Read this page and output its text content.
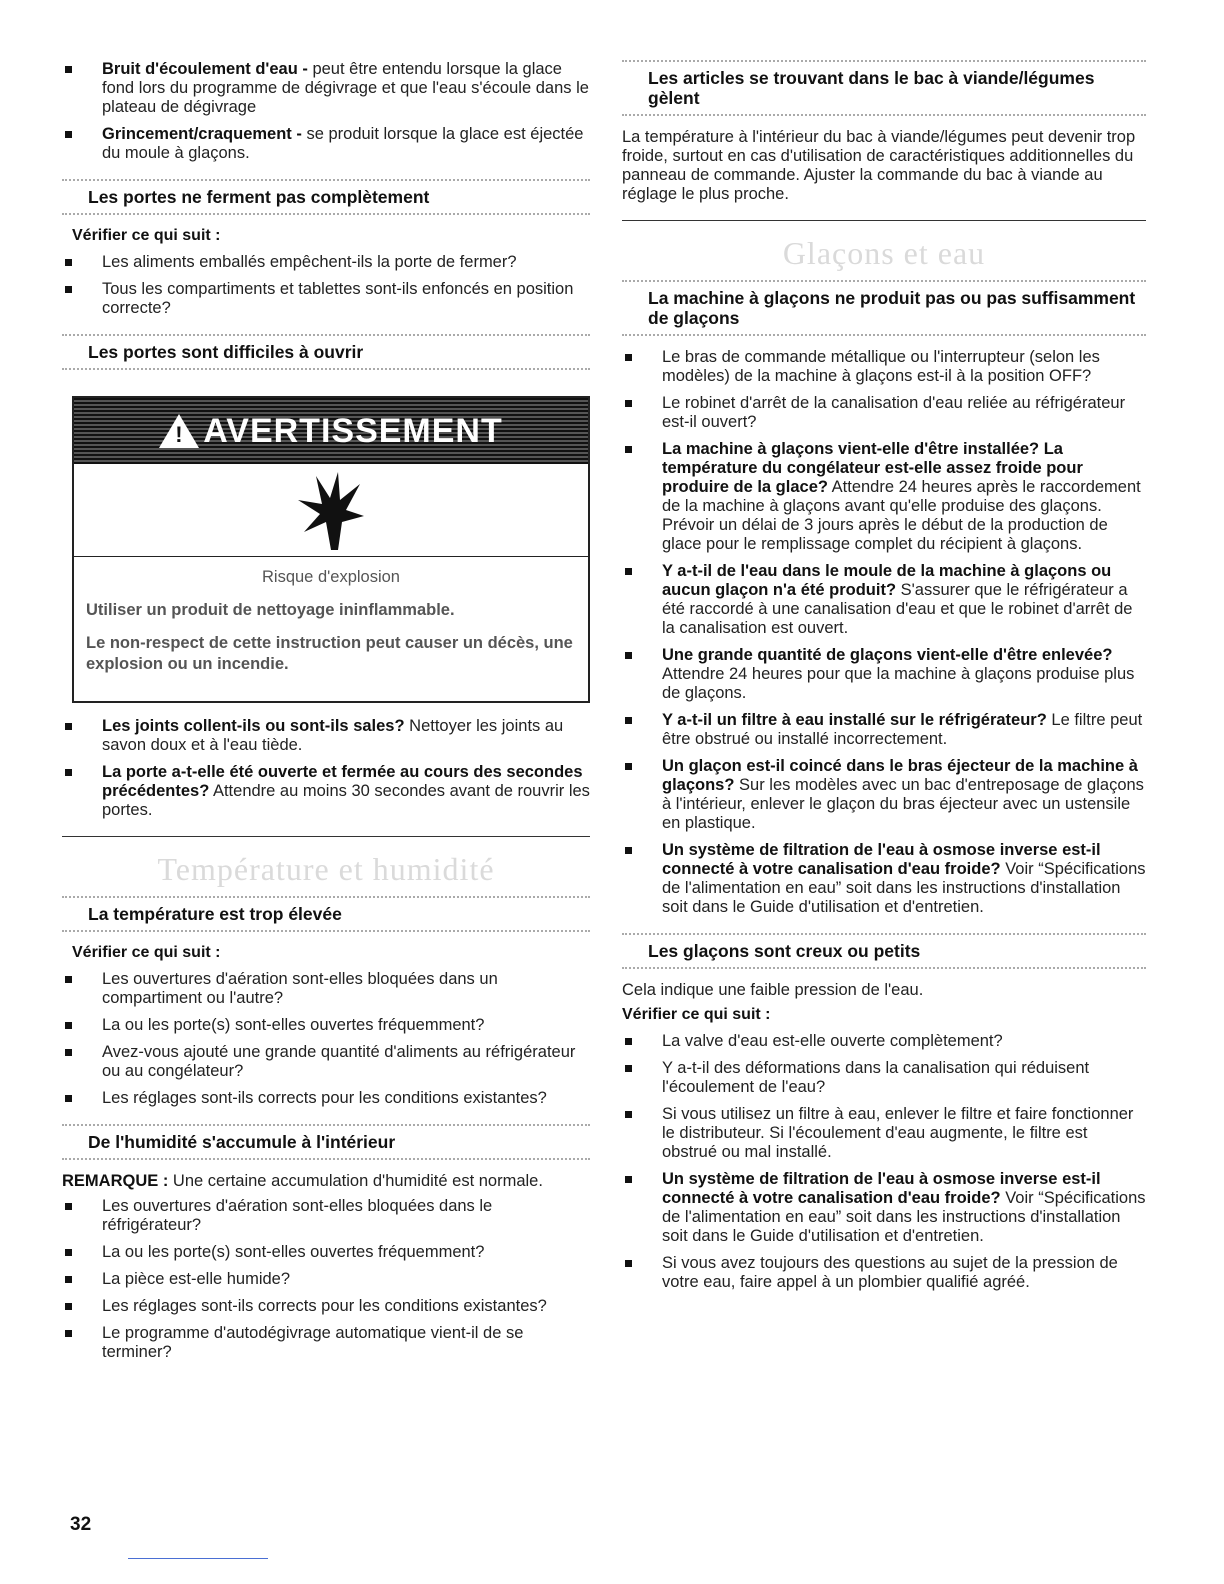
Bruit d'écoulement d'eau - peut être entendu lorsque la glace fond lors du programme de dégivrage et que l'eau s'écoule dans le plateau de dégivrage
Grincement/craquement - se produit lorsque la glace est éjectée du moule à glaçons.
Les portes ne ferment pas complètement
Vérifier ce qui suit :
Les aliments emballés empêchent-ils la porte de fermer?
Tous les compartiments et tablettes sont-ils enfoncés en position correcte?
Les portes sont difficiles à ouvrir
! AVERTISSEMENT

Risque d'explosion

Utiliser un produit de nettoyage ininflammable.

Le non-respect de cette instruction peut causer un décès, une explosion ou un incendie.

Les joints collent-ils ou sont-ils sales? Nettoyer les joints au savon doux et à l'eau tiède.
La porte a-t-elle été ouverte et fermée au cours des secondes précédentes? Attendre au moins 30 secondes avant de rouvrir les portes.
Température et humidité
La température est trop élevée
Vérifier ce qui suit :
Les ouvertures d'aération sont-elles bloquées dans un compartiment ou l'autre?
La ou les porte(s) sont-elles ouvertes fréquemment?
Avez-vous ajouté une grande quantité d'aliments au réfrigérateur ou au congélateur?
Les réglages sont-ils corrects pour les conditions existantes?
De l'humidité s'accumule à l'intérieur

REMARQUE : Une certaine accumulation d'humidité est normale.

Les ouvertures d'aération sont-elles bloquées dans le réfrigérateur?
La ou les porte(s) sont-elles ouvertes fréquemment?
La pièce est-elle humide?
Les réglages sont-ils corrects pour les conditions existantes?
Le programme d'autodégivrage automatique vient-il de se terminer?
Les articles se trouvant dans le bac à viande/légumes gèlent

La température à l'intérieur du bac à viande/légumes peut devenir trop froide, surtout en cas d'utilisation de caractéristiques additionnelles du panneau de commande. Ajuster la commande du bac à viande au réglage le plus proche.

Glaçons et eau
La machine à glaçons ne produit pas ou pas suffisamment de glaçons
Le bras de commande métallique ou l'interrupteur (selon les modèles) de la machine à glaçons est-il à la position OFF?
Le robinet d'arrêt de la canalisation d'eau reliée au réfrigérateur est-il ouvert?
La machine à glaçons vient-elle d'être installée? La température du congélateur est-elle assez froide pour produire de la glace? Attendre 24 heures après le raccordement de la machine à glaçons avant qu'elle produise des glaçons. Prévoir un délai de 3 jours après le début de la production de glace pour le remplissage complet du récipient à glaçons.
Y a-t-il de l'eau dans le moule de la machine à glaçons ou aucun glaçon n'a été produit? S'assurer que le réfrigérateur a été raccordé à une canalisation d'eau et que le robinet d'arrêt de la canalisation est ouvert.
Une grande quantité de glaçons vient-elle d'être enlevée? Attendre 24 heures pour que la machine à glaçons produise plus de glaçons.
Y a-t-il un filtre à eau installé sur le réfrigérateur? Le filtre peut être obstrué ou installé incorrectement.
Un glaçon est-il coincé dans le bras éjecteur de la machine à glaçons? Sur les modèles avec un bac d'entreposage de glaçons à l'intérieur, enlever le glaçon du bras éjecteur avec un ustensile en plastique.
Un système de filtration de l'eau à osmose inverse est-il connecté à votre canalisation d'eau froide? Voir “Spécifications de l'alimentation en eau” soit dans les instructions d'installation soit dans le Guide d'utilisation et d'entretien.
Les glaçons sont creux ou petits

Cela indique une faible pression de l'eau.

Vérifier ce qui suit :
La valve d'eau est-elle ouverte complètement?
Y a-t-il des déformations dans la canalisation qui réduisent l'écoulement de l'eau?
Si vous utilisez un filtre à eau, enlever le filtre et faire fonctionner le distributeur. Si l'écoulement d'eau augmente, le filtre est obstrué ou mal installé.
Un système de filtration de l'eau à osmose inverse est-il connecté à votre canalisation d'eau froide? Voir “Spécifications de l'alimentation en eau” soit dans les instructions d'installation soit dans le Guide d'utilisation et d'entretien.
Si vous avez toujours des questions au sujet de la pression de votre eau, faire appel à un plombier qualifié agréé.
32
